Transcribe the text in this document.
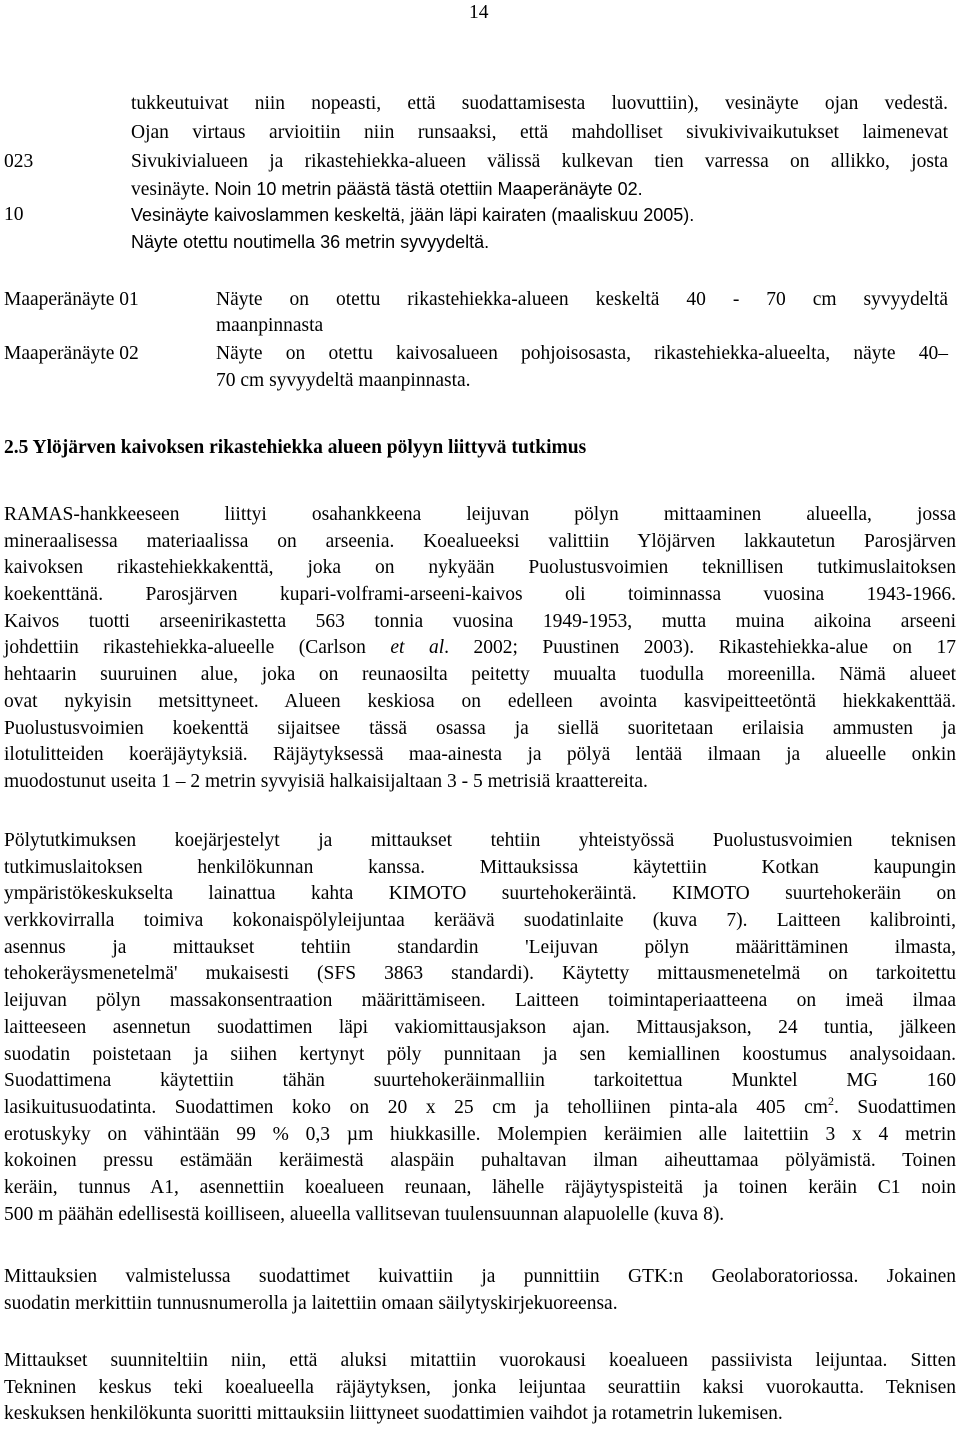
14
tukkeutuivat niin nopeasti, että suodattamisesta luovuttiin), vesinäyte ojan vedestä.
Ojan virtaus arvioitiin niin runsaaksi, että mahdolliset sivukivivaikutukset laimenevat
023	Sivukivialueen ja rikastehiekka-alueen välissä kulkevan tien varressa on allikko, josta
vesinäyte. Noin 10 metrin päästä tästä otettiin Maaperänäyte 02.
10	Vesinäyte kaivoslammen keskeltä, jään läpi kairaten (maaliskuu 2005).
Näyte otettu noutimella 36 metrin syvyydeltä.
Maaperänäyte 01	Näyte on otettu rikastehiekka-alueen keskeltä 40 - 70 cm syvyydeltä
maanpinnasta
Maaperänäyte 02	Näyte on otettu kaivosalueen pohjoisosasta, rikastehiekka-alueelta, näyte 40–
70 cm syvyydeltä maanpinnasta.
2.5 Ylöjärven kaivoksen rikastehiekka alueen pölyyn liittyvä tutkimus
RAMAS-hankkeeseen liittyi osahankkeena leijuvan pölyn mittaaminen alueella, jossa
mineraalisessa materiaalissa on arseenia. Koealueeksi valittiin Ylöjärven lakkautetun Parosjärven
kaivoksen rikastehiekkakenttä, joka on nykyään Puolustusvoimien teknillisen tutkimuslaitoksen
koekenttänä. Parosjärven kupari-volframi-arseeni-kaivos oli toiminnassa vuosina 1943-1966.
Kaivos tuotti arseenirikastetta 563 tonnia vuosina 1949-1953, mutta muina aikoina arseeni
johdettiin rikastehiekka-alueelle (Carlson et al. 2002; Puustinen 2003). Rikastehiekka-alue on 17
hehtaarin suuruinen alue, joka on reunaosilta peitetty muualta tuodulla moreenilla. Nämä alueet
ovat nykyisin metsittyneet. Alueen keskiosa on edelleen avointa kasvipeitteetöntä hiekkakenttää.
Puolustusvoimien koekenttä sijaitsee tässä osassa ja siellä suoritetaan erilaisia ammusten ja
ilotulitteiden koeräjäytyksiä. Räjäytyksessä maa-ainesta ja pölyä lentää ilmaan ja alueelle onkin
muodostunut useita 1 – 2 metrin syvyisiä halkaisijaltaan 3 - 5 metrisiä kraattereita.
Pölytutkimuksen koejärjestelyt ja mittaukset tehtiin yhteistyössä Puolustusvoimien teknisen
tutkimuslaitoksen henkilökunnan kanssa. Mittauksissa käytettiin Kotkan kaupungin
ympäristökeskukselta lainattua kahta KIMOTO suurtehokeräintä. KIMOTO suurtehokeräin on
verkkovirralla toimiva kokonaispölyleijuntaa keräävä suodatinlaite (kuva 7). Laitteen kalibrointi,
asennus ja mittaukset tehtiin standardin 'Leijuvan pölyn määrittäminen ilmasta,
tehokeräysmenetelmä' mukaisesti (SFS 3863 standardi). Käytetty mittausmenetelmä on tarkoitettu
leijuvan pölyn massakonsentraation määrittämiseen. Laitteen toimintaperiaatteena on imeä ilmaa
laitteeseen asennetun suodattimen läpi vakiomittausjakson ajan. Mittausjakson, 24 tuntia, jälkeen
suodatin poistetaan ja siihen kertynyt pöly punnitaan ja sen kemiallinen koostumus analysoidaan.
Suodattimena käytettiin tähän suurtehokeräinmalliin tarkoitettua Munktel MG 160
lasikuitusuodatinta. Suodattimen koko on 20 x 25 cm ja teholliinen pinta-ala 405 $cm^2$. Suodattimen
erotuskyky on vähintään 99 % 0,3 µm hiukkasille. Molempien keräimien alle laitettiin 3 x 4 metrin
kokoinen pressu estämään keräimestä alaspäin puhaltavan ilman aiheuttamaa pölyämistä. Toinen
keräin, tunnus A1, asennettiin koealueen reunaan, lähelle räjäytyspisteitä ja toinen keräin C1 noin
500 m päähän edellisestä koilliseen, alueella vallitsevan tuulensuunnan alapuolelle (kuva 8).
Mittauksien valmistelussa suodattimet kuivattiin ja punnittiin GTK:n Geolaboratoriossa. Jokainen
suodatin merkittiin tunnusnumerolla ja laitettiin omaan säilytyskirjekuoreensa.
Mittaukset suunniteltiin niin, että aluksi mitattiin vuorokausi koealueen passiivista leijuntaa. Sitten
Tekninen keskus teki koealueella räjäytyksen, jonka leijuntaa seurattiin kaksi vuorokautta. Teknisen
keskuksen henkilökunta suoritti mittauksiin liittyneet suodattimien vaihdot ja rotametrin lukemisen.
